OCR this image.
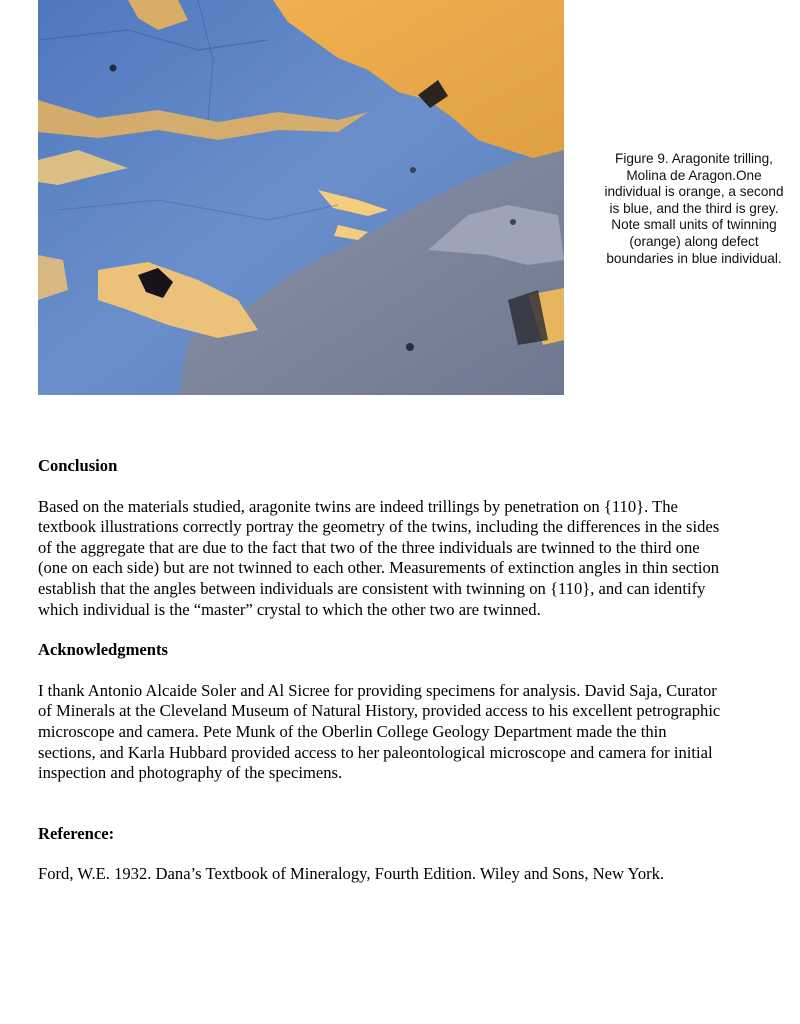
Figure 9. Aragonite trilling, Molina de Aragon.One individual is orange, a second is blue, and the third is grey. Note small units of twinning (orange) along defect boundaries in blue individual.

Conclusion

Based on the materials studied, aragonite twins are indeed trillings by penetration on {110}. The textbook illustrations correctly portray the geometry of the twins, including the differences in the sides of the aggregate that are due to the fact that two of the three individuals are twinned to the third one (one on each side) but are not twinned to each other. Measurements of extinction angles in thin section establish that the angles between individuals are consistent with twinning on {110}, and can identify which individual is the “master” crystal to which the other two are twinned.

Acknowledgments

I thank Antonio Alcaide Soler and Al Sicree for providing specimens for analysis. David Saja, Curator of Minerals at the Cleveland Museum of Natural History, provided access to his excellent petrographic microscope and camera. Pete Munk of the Oberlin College Geology Department made the thin sections, and Karla Hubbard provided access to her paleontological microscope and camera for initial inspection and photography of the specimens.

Reference:

Ford, W.E. 1932. Dana’s Textbook of Mineralogy, Fourth Edition. Wiley and Sons, New York.
